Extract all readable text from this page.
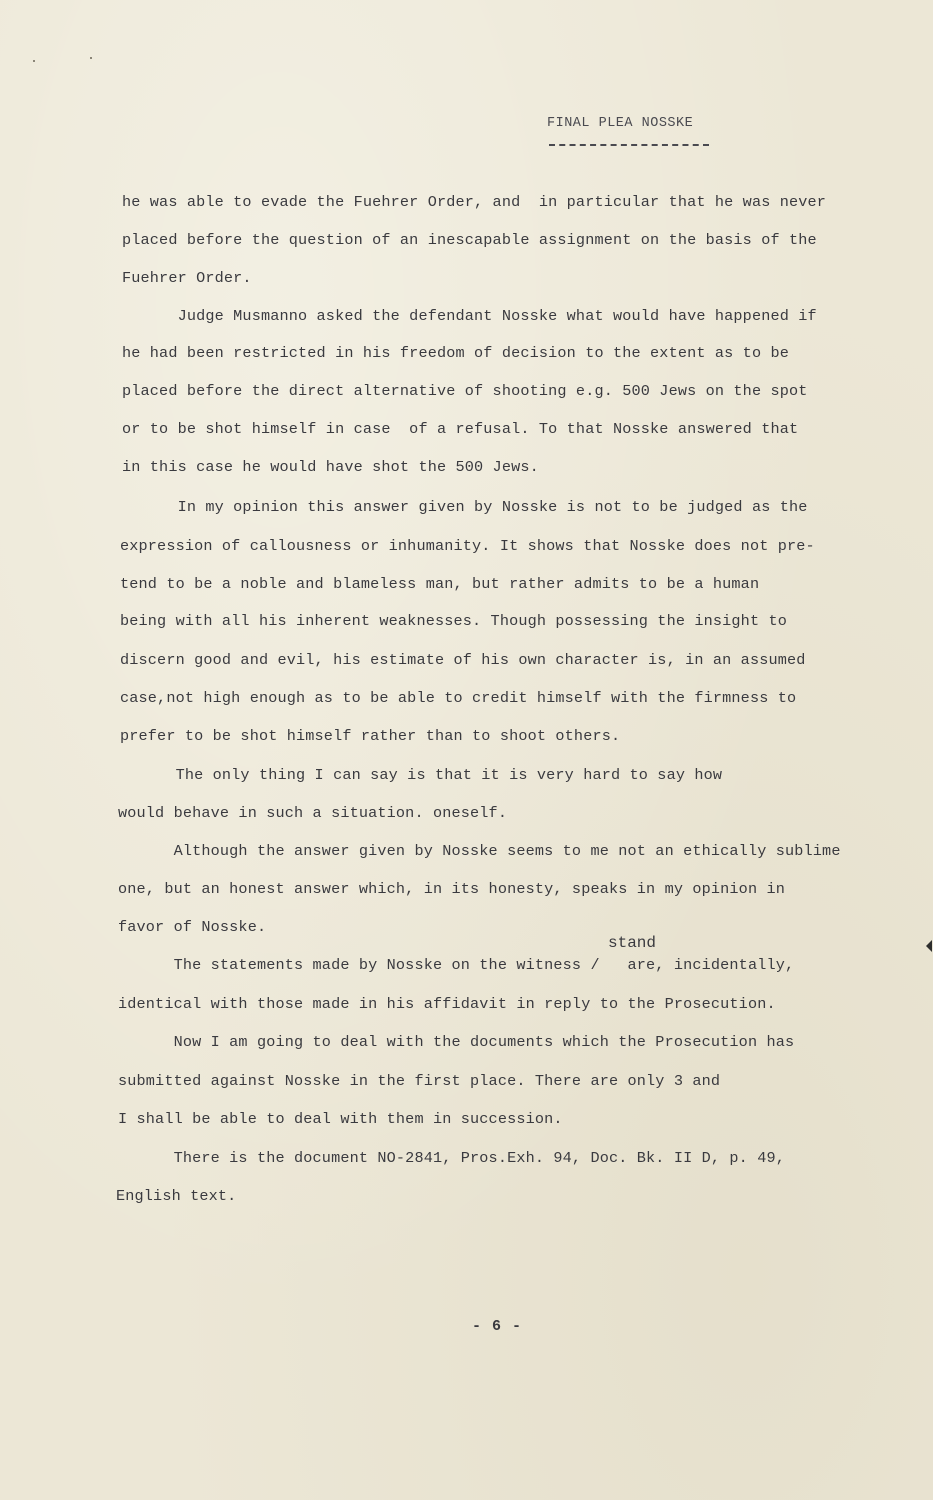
FINAL PLEA NOSSKE
he was able to evade the Fuehrer Order, and  in particular that he was never
placed before the question of an inescapable assignment on the basis of the
Fuehrer Order.
Judge Musmanno asked the defendant Nosske what would have happened if
he had been restricted in his freedom of decision to the extent as to be
placed before the direct alternative of shooting e.g. 500 Jews on the spot
or to be shot himself in case  of a refusal. To that Nosske answered that
in this case he would have shot the 500 Jews.
In my opinion this answer given by Nosske is not to be judged as the
expression of callousness or inhumanity. It shows that Nosske does not pre-
tend to be a noble and blameless man, but rather admits to be a human
being with all his inherent weaknesses. Though possessing the insight to
discern good and evil, his estimate of his own character is, in an assumed
case,not high enough as to be able to credit himself with the firmness to
prefer to be shot himself rather than to shoot others.
The only thing I can say is that it is very hard to say how
would behave in such a situation. oneself.
Although the answer given by Nosske seems to me not an ethically sublime
one, but an honest answer which, in its honesty, speaks in my opinion in
favor of Nosske.
stand
The statements made by Nosske on the witness /   are, incidentally,
identical with those made in his affidavit in reply to the Prosecution.
Now I am going to deal with the documents which the Prosecution has
submitted against Nosske in the first place. There are only 3 and
I shall be able to deal with them in succession.
There is the document NO-2841, Pros.Exh. 94, Doc. Bk. II D, p. 49,
English text.
- 6 -
